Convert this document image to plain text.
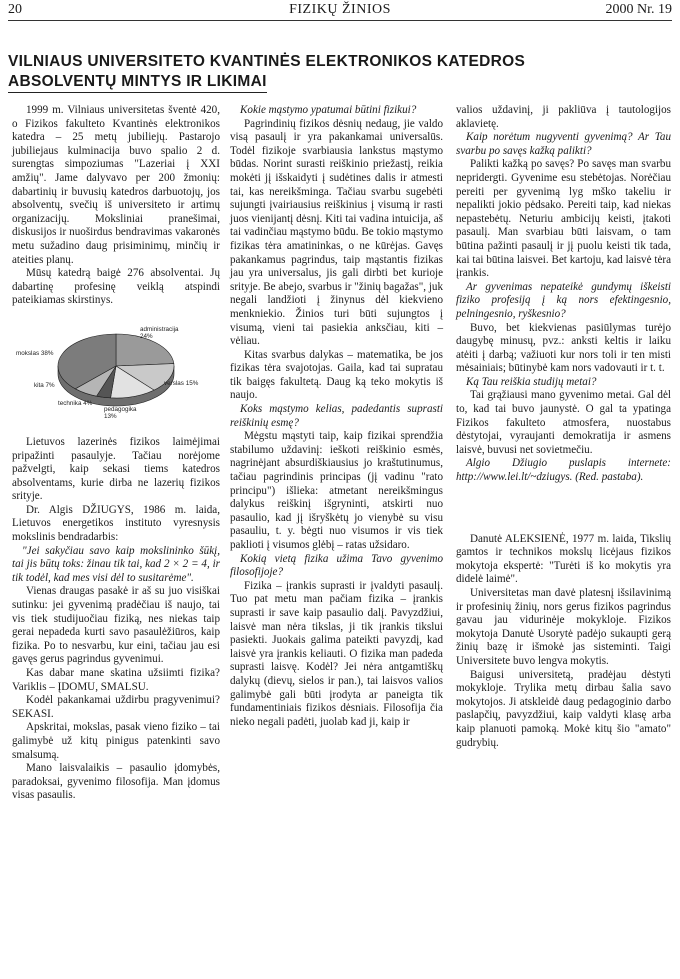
20	FIZIKŲ ŽINIOS	2000 Nr. 19
VILNIAUS UNIVERSITETO KVANTINĖS ELEKTRONIKOS KATEDROS
ABSOLVENTŲ MINTYS IR LIKIMAI

1999 m. Vilniaus universitetas šventė 420, o Fizikos fakulteto Kvantinės elektronikos katedra – 25 metų jubiliejų. Pastarojo jubiliejaus kulminacija buvo spalio 2 d. surengtas simpoziumas "Lazeriai į XXI amžių". Jame dalyvavo per 200 žmonių: dabartinių ir buvusių katedros darbuotojų, jos absolventų, svečių iš universiteto ir artimų organizacijų. Moksliniai pranešimai, diskusijos ir nuoširdus bendravimas vakaronės metu sužadino daug prisiminimų, minčių ir ateities planų.

Mūsų katedrą baigė 276 absolventai. Jų dabartinę profesinę veiklą atspindi pateikiamas skirstinys.

administracija
24%
verslas 15%
pedagogika
13%
technika 4%
kita 7%
mokslas 38%

Lietuvos lazerinės fizikos laimėjimai pripažinti pasaulyje. Tačiau norėjome pažvelgti, kaip sekasi tiems katedros absolventams, kurie dirba ne lazerių fizikos srityje.

Dr. Algis DŽIUGYS, 1986 m. laida, Lietuvos energetikos instituto vyresnysis mokslinis bendradarbis:

"Jei sakyčiau savo kaip mokslininko šūkį, tai jis būtų toks: žinau tik tai, kad 2 × 2 = 4, ir tik todėl, kad mes visi dėl to susitarėme".

Vienas draugas pasakė ir aš su juo visiškai sutinku: jei gyvenimą pradėčiau iš naujo, tai vis tiek studijuočiau fiziką, nes niekas taip gerai nepadeda kurti savo pasaulėžiūros, kaip fizika. Po to nesvarbu, kur eini, tačiau jau esi gavęs gerus pagrindus gyvenimui.

Kas dabar mane skatina užsiimti fizika? Variklis – ĮDOMU, SMALSU.

Kodėl pakankamai uždirbu pragyvenimui? SEKASI.

Apskritai, mokslas, pasak vieno fiziko – tai galimybė už kitų pinigus patenkinti savo smalsumą.

Mano laisvalaikis – pasaulio įdomybės, paradoksai, gyvenimo filosofija. Man įdomus visas pasaulis.

Kokie mąstymo ypatumai būtini fizikui?

Pagrindinių fizikos dėsnių nedaug, jie valdo visą pasaulį ir yra pakankamai universalūs. Todėl fizikoje svarbiausia lankstus mąstymo būdas. Norint surasti reiškinio priežastį, reikia mokėti jį išskaidyti į sudėtines dalis ir atmesti tai, kas nereikšminga. Tačiau svarbu sugebėti sujungti įvairiausius reiškinius į visumą ir rasti juos vienijantį dėsnį. Kiti tai vadina intuicija, aš tai vadinčiau mąstymo būdu. Be tokio mąstymo fizikas tėra amatininkas, o ne kūrėjas. Gavęs pakankamus pagrindus, taip mąstantis fizikas jau yra universalus, jis gali dirbti bet kurioje srityje. Be abejo, svarbus ir "žinių bagažas", juk negali landžioti į žinynus dėl kiekvieno menkniekio. Žinios turi būti sujungtos į visumą, vieni tai pasiekia anksčiau, kiti – vėliau.

Kitas svarbus dalykas – matematika, be jos fizikas tėra svajotojas. Gaila, kad tai supratau tik baigęs fakultetą. Daug ką teko mokytis iš naujo.

Koks mąstymo kelias, padedantis suprasti reiškinių esmę?

Mėgstu mąstyti taip, kaip fizikai sprendžia stabilumo uždavinį: ieškoti reiškinio esmės, nagrinėjant absurdiškiausius jo kraštutinumus, tačiau pagrindinis principas (jį vadinu "rato principu") išlieka: atmetant nereikšmingus dalykus reiškinį išgryninti, atskirti nuo pasaulio, kad jį išryškėtų jo vienybė su visu pasauliu, t. y. bėgti nuo visumos ir vis tiek paklioti į visumos glėbį – ratas užsidaro.

Kokią vietą fizika užima Tavo gyvenimo filosofijoje?

Fizika – įrankis suprasti ir įvaldyti pasaulį. Tuo pat metu man pačiam fizika – įrankis suprasti ir save kaip pasaulio dalį. Pavyzdžiui, laisvė man nėra tikslas, ji tik įrankis tikslui pasiekti. Juokais galima pateikti pavyzdį, kad laisvė yra įrankis keliauti. O fizika man padeda suprasti laisvę. Kodėl? Jei nėra antgamtiškų dalykų (dievų, sielos ir pan.), tai laisvos valios galimybė gali būti įrodyta ar paneigta tik fundamentiniais fizikos dėsniais. Filosofija čia nieko negali padėti, juolab kad ji, kaip ir

valios uždavinį, ji pakliūva į tautologijos aklavietę.

Kaip norėtum nugyventi gyvenimą? Ar Tau svarbu po savęs kažką palikti?

Palikti kažką po savęs? Po savęs man svarbu nepridergti. Gyvenime esu stebėtojas. Norėčiau pereiti per gyvenimą lyg mško takeliu ir nepalikti jokio pėdsako. Pereiti taip, kad niekas nepastebėtų. Neturiu ambicijų keisti, įtakoti pasaulį. Man svarbiau būti laisvam, o tam būtina pažinti pasaulį ir jį puolu keisti tik tada, kai tai būtina laisvei. Bet kartoju, kad laisvė tėra įrankis.

Ar gyvenimas nepateikė gundymų iškeisti fiziko profesiją į ką nors efektingesnio, pelningesnio, ryškesnio?

Buvo, bet kiekvienas pasiūlymas turėjo daugybę minusų, pvz.: anksti keltis ir laiku atėiti į darbą; važiuoti kur nors toli ir ten misti mėsainiais; būtinybė kam nors vadovauti ir t. t.

Ką Tau reiškia studijų metai?

Tai grąžiausi mano gyvenimo metai. Gal dėl to, kad tai buvo jaunystė. O gal ta ypatinga Fizikos fakulteto atmosfera, nuostabus dėstytojai, vyraujanti demokratija ir asmens laisvė, buvusi net sovietmečiu.

Algio Džiugio puslapis internete: http://www.lei.lt/~dziugys. (Red. pastaba).

Danutė ALEKSIENĖ, 1977 m. laida, Tikslių gamtos ir technikos mokslų licėjaus fizikos mokytoja ekspertė: "Turėti iš ko mokytis yra didelė laimė".

Universitetas man davė platesnį išsilavinimą ir profesinių žinių, nors gerus fizikos pagrindus gavau jau vidurinėje mokykloje. Fizikos mokytoja Danutė Usorytė padėjo sukaupti gerą žinių bazę ir išmokė jas sisteminti. Taigi Universitete buvo lengva mokytis.

Baigusi universitetą, pradėjau dėstyti mokykloje. Trylika metų dirbau šalia savo mokytojos. Ji atskleidė daug pedagoginio darbo paslapčių, pavyzdžiui, kaip valdyti klasę arba kaip planuoti pamoką. Mokė kitų šio "amato" gudrybių.
